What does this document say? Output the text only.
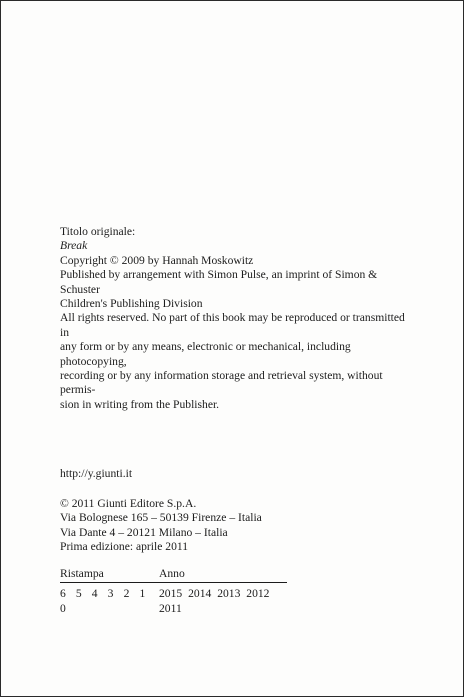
Titolo originale:
Break
Copyright © 2009 by Hannah Moskowitz
Published by arrangement with Simon Pulse, an imprint of Simon & Schuster
Children's Publishing Division
All rights reserved. No part of this book may be reproduced or transmitted in
any form or by any means, electronic or mechanical, including photocopying,
recording or by any information storage and retrieval system, without permis-
sion in writing from the Publisher.
http://y.giunti.it
© 2011 Giunti Editore S.p.A.
Via Bolognese 165 – 50139 Firenze – Italia
Via Dante 4 – 20121 Milano – Italia
Prima edizione: aprile 2011
Ristampa	Anno
6 5 4 3 2 1 0
2015 2014 2013 2012 2011
